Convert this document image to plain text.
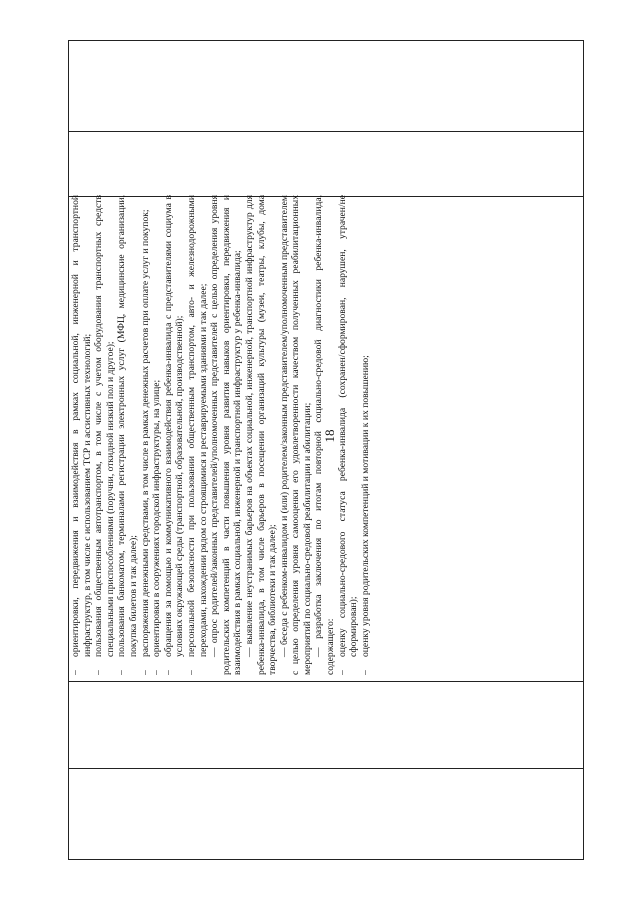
18
–
ориентировки, передвижения и взаимодействия в рамках социальной, инженерной и транспортной инфраструктур, в том числе с использованием ТСР и ассистивных технологий;
–
пользования общественным автотранспортом, в том числе с учетом оборудования транспортных средств специальными приспособлениями (поручни, откидной низкий пол и другое);
–
пользования банкоматом, терминалами регистрации электронных услуг (МФЦ, медицинские организации, покупка билетов и так далее);
–
распоряжения денежными средствами, в том числе в рамках денежных расчетов при оплате услуг и покупок;
–
ориентировки в сооружениях городской инфраструктуры, на улице;
–
обращения за помощью и коммуникативного взаимодействия ребенка-инвалида с представителями социума в условиях окружающей среды (транспортной, образовательной, производственной);
–
персональной безопасности при пользовании общественным транспортом, авто- и железнодорожными переходами, нахождении рядом со строящимися и реставрируемыми зданиями и так далее; — опрос родителей/законных представителей/уполномоченных представителей с целью определения уровня родительских компетенций в части повышения уровня развития навыков ориентировки, передвижения и взаимодействия в рамках социальной, инженерной и транспортной инфраструктур у ребенка-инвалида; — выявление неустранимых барьеров на объектах социальной, инженерной, транспортной инфраструктур для ребенка-инвалида, в том числе барьеров в посещении организаций культуры (музеи, театры, клубы, дома творчества, библиотеки и так далее); — беседа с ребенком-инвалидом и (или) родителем/законным представителем/уполномоченным представителем с целью определения уровня самооценки его удовлетворенности качеством полученных реабилитационных мероприятий по социально-средовой реабилитации и абилитации; — разработка заключения по итогам повторной социально-средовой диагностики ребенка-инвалида, содержащего: –
оценку социально-средового статуса ребенка-инвалида (сохранен/сформирован, нарушен, утрачен/не сформирован);
–
оценку уровня родительских компетенций и мотивации к их повышению;
